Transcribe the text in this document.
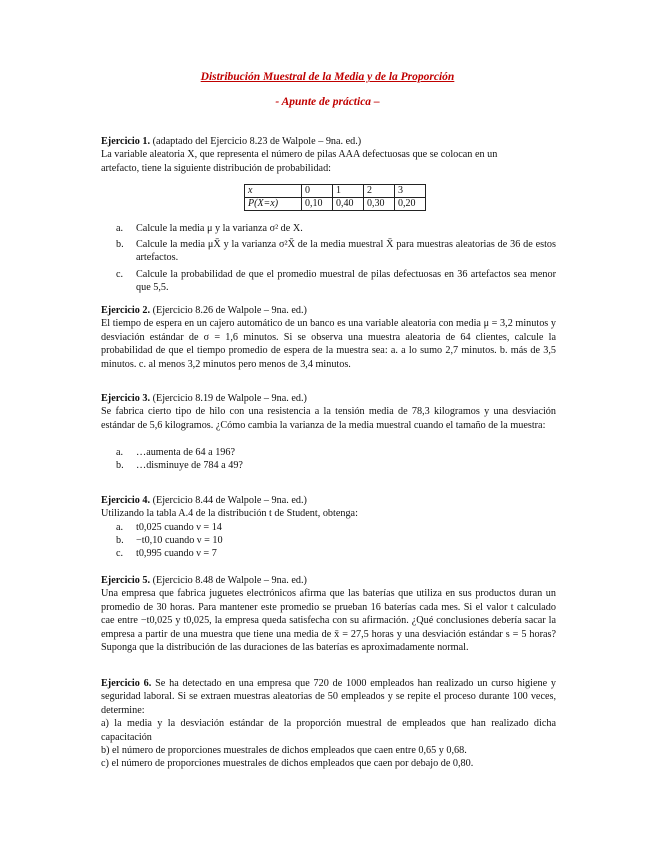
Distribución Muestral de la Media y de la Proporción
- Apunte de práctica –
Ejercicio 1. (adaptado del Ejercicio 8.23 de Walpole – 9na. ed.)
La variable aleatoria X, que representa el número de pilas AAA defectuosas que se colocan en un
artefacto, tiene la siguiente distribución de probabilidad:
x	0	1	2	3
P(X=x)	0,10	0,40	0,30	0,20
a. Calcule la media μ y la varianza σ² de X.
b. Calcule la media μX̄ y la varianza σ²X̄ de la media muestral X̄ para muestras aleatorias de 36 de estos artefactos.
c. Calcule la probabilidad de que el promedio muestral de pilas defectuosas en 36 artefactos sea menor que 5,5.
Ejercicio 2. (Ejercicio 8.26 de Walpole – 9na. ed.)
El tiempo de espera en un cajero automático de un banco es una variable aleatoria con media μ = 3,2 minutos y desviación estándar de σ = 1,6 minutos. Si se observa una muestra aleatoria de 64 clientes, calcule la probabilidad de que el tiempo promedio de espera de la muestra sea: a. a lo sumo 2,7 minutos. b. más de 3,5 minutos. c. al menos 3,2 minutos pero menos de 3,4 minutos.
Ejercicio 3. (Ejercicio 8.19 de Walpole – 9na. ed.)
Se fabrica cierto tipo de hilo con una resistencia a la tensión media de 78,3 kilogramos y una desviación estándar de 5,6 kilogramos. ¿Cómo cambia la varianza de la media muestral cuando el tamaño de la muestra:
a. …aumenta de 64 a 196?
b. …disminuye de 784 a 49?
Ejercicio 4. (Ejercicio 8.44 de Walpole – 9na. ed.)
Utilizando la tabla A.4 de la distribución t de Student, obtenga:
a. t0,025 cuando ν = 14
b. −t0,10 cuando ν = 10
c. t0,995 cuando ν = 7
Ejercicio 5. (Ejercicio 8.48 de Walpole – 9na. ed.)
Una empresa que fabrica juguetes electrónicos afirma que las baterías que utiliza en sus productos duran un promedio de 30 horas. Para mantener este promedio se prueban 16 baterías cada mes. Si el valor t calculado cae entre −t0,025 y t0,025, la empresa queda satisfecha con su afirmación. ¿Qué conclusiones debería sacar la empresa a partir de una muestra que tiene una media de x̄ = 27,5 horas y una desviación estándar s = 5 horas? Suponga que la distribución de las duraciones de las baterías es aproximadamente normal.
Ejercicio 6. Se ha detectado en una empresa que 720 de 1000 empleados han realizado un curso higiene y seguridad laboral. Si se extraen muestras aleatorias de 50 empleados y se repite el proceso durante 100 veces, determine:
a) la media y la desviación estándar de la proporción muestral de empleados que han realizado dicha capacitación
b) el número de proporciones muestrales de dichos empleados que caen entre 0,65 y 0,68.
c) el número de proporciones muestrales de dichos empleados que caen por debajo de 0,80.
